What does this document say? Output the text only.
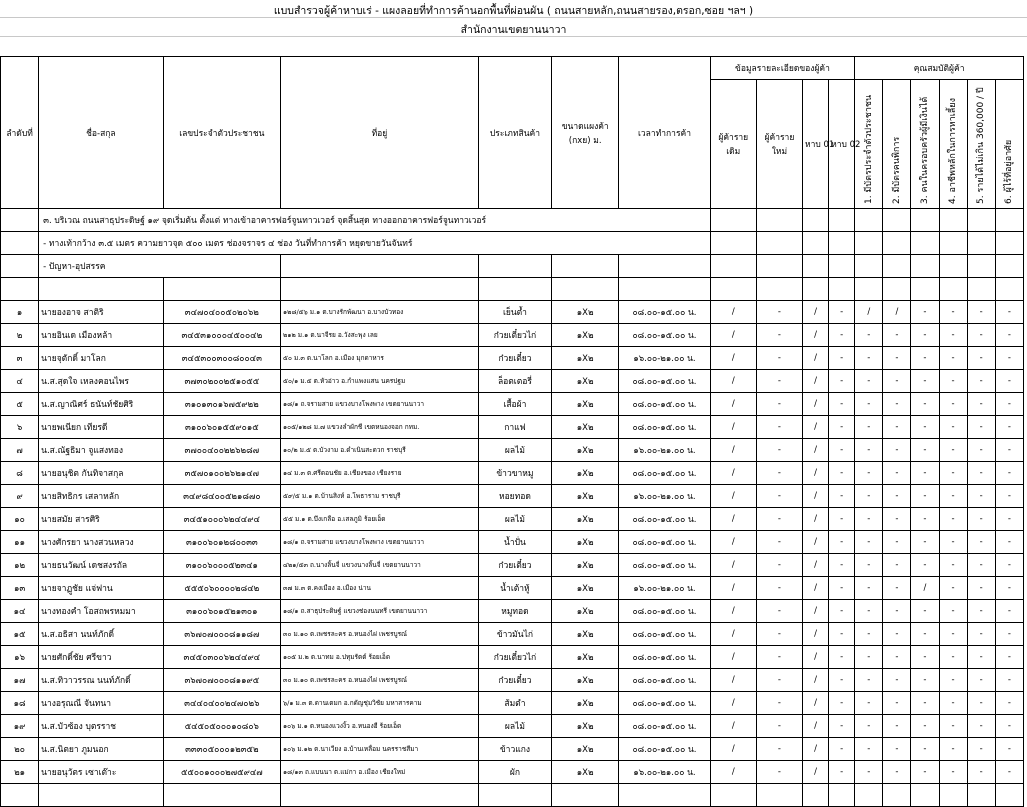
แบบสำรวจผู้ค้าหาบเร่ - แผงลอยที่ทำการค้านอกพื้นที่ผ่อนผัน ( ถนนสายหลัก,ถนนสายรอง,ตรอก,ซอย ฯลฯ )
สำนักงานเขตยานนาวา
ลำดับที่	ชื่อ-สกุล	เลขประจำตัวประชาชน	ที่อยู่	ประเภทสินค้า	ขนาดแผงค้า (กxย) ม.	เวลาทำการค้า	ข้อมูลรายละเอียดของผู้ค้า				คุณสมบัติผู้ค้า					
							ผู้ค้าราย เดิม	ผู้ค้าราย ใหม่	หาบ 01	หาบ 02	1. มีบัตรประจำตัวประชาชน	2. มีบัตรคนพิการ	3. คนในครอบครัวผู้มีเงินได้	4. อาชีพหลักในการหาเลี้ยง	5. รายได้ไม่เกิน 360,000 / ปี	6. ผู้ไร้ที่อยู่อาศัย

	๓. บริเวณ ถนนสาธุประดิษฐ์ ๑๙ จุดเริ่มต้น ตั้งแต่ ทางเข้าอาคารฟอร์จูนทาวเวอร์ จุดสิ้นสุด ทางออกอาคารฟอร์จูนทาวเวอร์															
	- ทางเท้ากว้าง ๓.๕ เมตร ความยาวจุด ๕๐๐ เมตร ช่องจราจร ๔ ช่อง วันที่ทำการค้า หยุดขายวันจันทร์															
	- ปัญหา-อุปสรรค															

๑	นายองอาจ สาติริ	๓๔๗๐๔๐๐๕๐๒๐๖๒	๑๒๘/๕๖ ม.๑ ต.บางรักพัฒนา อ.บางบัวทอง	เย็นต้ำ	๑X๒	๐๘.๐๐-๑๕.๐๐ น.	/	-	/	-	/	/	-	-	-	-
๒	นายอินเด เมืองหล้า	๓๔๕๓๑๐๐๐๔๕๐๐๔๒	๒๑๒ ม.๑ ต.นาจีรย อ.วังสะพุง เลย	ก๋วยเตี๋ยวไก่	๑X๒	๐๘.๐๐-๑๕.๐๐ น.	/	-	/	-	-	-	-	-	-	-
๓	นายจุตักดิ์ มาโลก	๓๔๕๓๐๐๓๐๐๘๐๐๔๓	๕๐ ม.๓ ต.นาโลก อ.เมือง มุกดาหาร	ก๋วยเตี๋ยว	๑X๒	๑๖.๐๐-๒๑.๐๐ น.	/	-	/	-	-	-	-	-	-	-
๔	น.ส.สุดใจ เหลงคอนไพร	๓๗๓๐๒๐๐๒๕๑๐๕๕	๕๐/๑ ม.๕ ต.หัวอ่าว อ.กำแพงแสน นครปฐม	ล็อตเตอรี่	๑X๒	๐๘.๐๐-๑๕.๐๐ น.	/	-	/	-	-	-	-	-	-	-
๕	น.ส.ญาณิศร์ ธนันท์ชัยศิริ	๓๑๐๑๓๐๑๖๗๕๙๒๒	๑๘/๑ ถ.จรามสาย แขวงบางโพงพาง เขตยานนาวา	เสื้อผ้า	๑X๒	๐๘.๐๐-๑๕.๐๐ น.	/	-	/	-	-	-	-	-	-	-
๖	นายพเนียก เทียรดี	๓๑๐๐๖๐๑๕๕๙๐๑๕	๑๐๕/๑๒๘ ม.๗ แขวงลำผักชี เขตหนองจอก กทม.	กาแฟ	๑X๒	๐๘.๐๐-๑๕.๐๐ น.	/	-	/	-	-	-	-	-	-	-
๗	น.ส.ณัฐธิมา จูแสงทอง	๓๗๐๐๔๐๐๒๒๖๒๘๗	๑๐/๒ ม.๕ ต.บัวงาม อ.ดำเนินสะดวก ราชบุรี	ผลไม้	๑X๒	๑๖.๐๐-๒๑.๐๐ น.	/	-	/	-	-	-	-	-	-	-
๘	นายอนุชิต กันทิจาสกุล	๓๕๗๐๑๐๐๒๖๒๑๔๗	๑๔ ม.๓ ต.ศรีดอนชัย อ.เชียงของ เชียงราย	ข้าวขาหมู	๑X๒	๐๘.๐๐-๑๕.๐๐ น.	/	-	/	-	-	-	-	-	-	-
๙	นายสิทธิกร เสลาหลัก	๓๔๙๘๔๐๐๕๒๑๘๗๐	๕๙/๕ ม.๑ ต.บ้านสิงห์ อ.โพธาราม ราชบุรี	หอยทอด	๑X๒	๑๖.๐๐-๒๑.๐๐ น.	/	-	/	-	-	-	-	-	-	-
๑๐	นายสมัย สารศิริ	๓๔๕๑๐๐๐๖๒๔๔๙๔	๕๕ ม.๑ ต.บึงเกลือ อ.เสลภูมิ ร้อยเอ็ด	ผลไม้	๑X๒	๐๘.๐๐-๑๕.๐๐ น.	/	-	/	-	-	-	-	-	-	-
๑๑	นางศักรยา นางสวนหลวง	๓๑๐๐๖๐๑๒๘๐๐๓๓	๑๘/๑ ถ.จรามสาย แขวงบางโพงพาง เขตยานนาวา	น้ำปั่น	๑X๒	๐๘.๐๐-๑๕.๐๐ น.	/	-	/	-	-	-	-	-	-	-
๑๒	นายธนวัฒน์ เดชสงรถัล	๓๑๐๐๖๐๐๐๕๒๓๔๑	๔๒๑/๕๓ ถ.นางลิ้นจี่ แขวงนางลิ้นจี่ เขตยานนาวา	ก๋วยเตี๋ยว	๑X๒	๐๘.๐๐-๑๕.๐๐ น.	/	-	/	-	-	-	-	-	-	-
๑๓	นายจาฏูชัย แจ่ฟาน	๕๕๕๐๖๐๐๐๐๒๘๔๒	๓๗ ม.๓ ต.คงเมือง อ.เมือง น่าน	น้ำเต้าหู้	๑X๒	๑๖.๐๐-๒๑.๐๐ น.	/	-	/	-	-	-	/	-	-	-
๑๔	นางทองคำ โอสถพรหมมา	๓๑๐๐๖๐๑๕๒๑๓๐๑	๑๘/๑ ถ.สาธุประดิษฐ์ แขวงช่องนนทรี เขตยานนาวา	หมูทอด	๑X๒	๐๘.๐๐-๑๕.๐๐ น.	/	-	/	-	-	-	-	-	-	-
๑๕	น.ส.อธิสา นนท์ภักดิ์	๓๖๗๐๗๐๐๐๘๑๑๘๗	๓๐ ม.๑๐ ต.เพชรละคร อ.หนองไผ่ เพชรบูรณ์	ข้าวมันไก่	๑X๒	๐๘.๐๐-๑๕.๐๐ น.	/	-	/	-	-	-	-	-	-	-
๑๖	นายศักดิ์ชัย ศรีขาว	๓๔๕๐๓๐๐๖๒๔๔๙๔	๑๐๕ ม.๒ ต.นาทม อ.ปทุมรัตต์ ร้อยเอ็ด	ก๋วยเตี๋ยวไก่	๑X๒	๐๘.๐๐-๑๕.๐๐ น.	/	-	/	-	-	-	-	-	-	-
๑๗	น.ส.ทิวาวรรณ นนท์ภักดิ์	๓๖๗๐๗๐๐๐๘๑๑๙๕	๓๐ ม.๑๐ ต.เพชรละคร อ.หนองไผ่ เพชรบูรณ์	ก๋วยเตี๋ยว	๑X๒	๐๘.๐๐-๑๕.๐๐ น.	/	-	/	-	-	-	-	-	-	-
๑๘	นางอรุณณี จันทนา	๓๔๔๐๔๐๐๒๔๗๐๒๖	๖/๑ ม.๓ ต.ดานเตมก อ.กดัญชุ่มวิชัย มหาสารคาม	ส้มตำ	๑X๒	๐๘.๐๐-๑๕.๐๐ น.	/	-	/	-	-	-	-	-	-	-
๑๙	น.ส.บัวซ้อง บุตรราช	๕๔๕๐๕๐๐๐๑๐๘๐๖	๑๐๖ ม.๑ ต.หนองแวงงิ้ว อ.หนองฮี ร้อยเอ็ด	ผลไม้	๑X๒	๐๘.๐๐-๑๕.๐๐ น.	/	-	/	-	-	-	-	-	-	-
๒๐	น.ส.นิตยา ภูมนอก	๓๓๓๐๕๐๐๐๑๒๓๕๒	๑๐๖ ม.๑๒ ต.นาเวียง อ.บ้านเหลื่อม นครราชสีมา	ข้าวแกง	๑X๒	๐๘.๐๐-๑๕.๐๐ น.	/	-	/	-	-	-	-	-	-	-
๒๑	นายอนุวัตร เซาเต๊าะ	๕๕๐๐๑๐๐๐๒๗๕๙๔๗	๑๘/๑๓ ถ.แบนนา ต.แม่กา อ.เมือง เชียงใหม่	ผัก	๑X๒	๑๖.๐๐-๒๑.๐๐ น.	/	-	/	-	-	-	-	-	-	-
